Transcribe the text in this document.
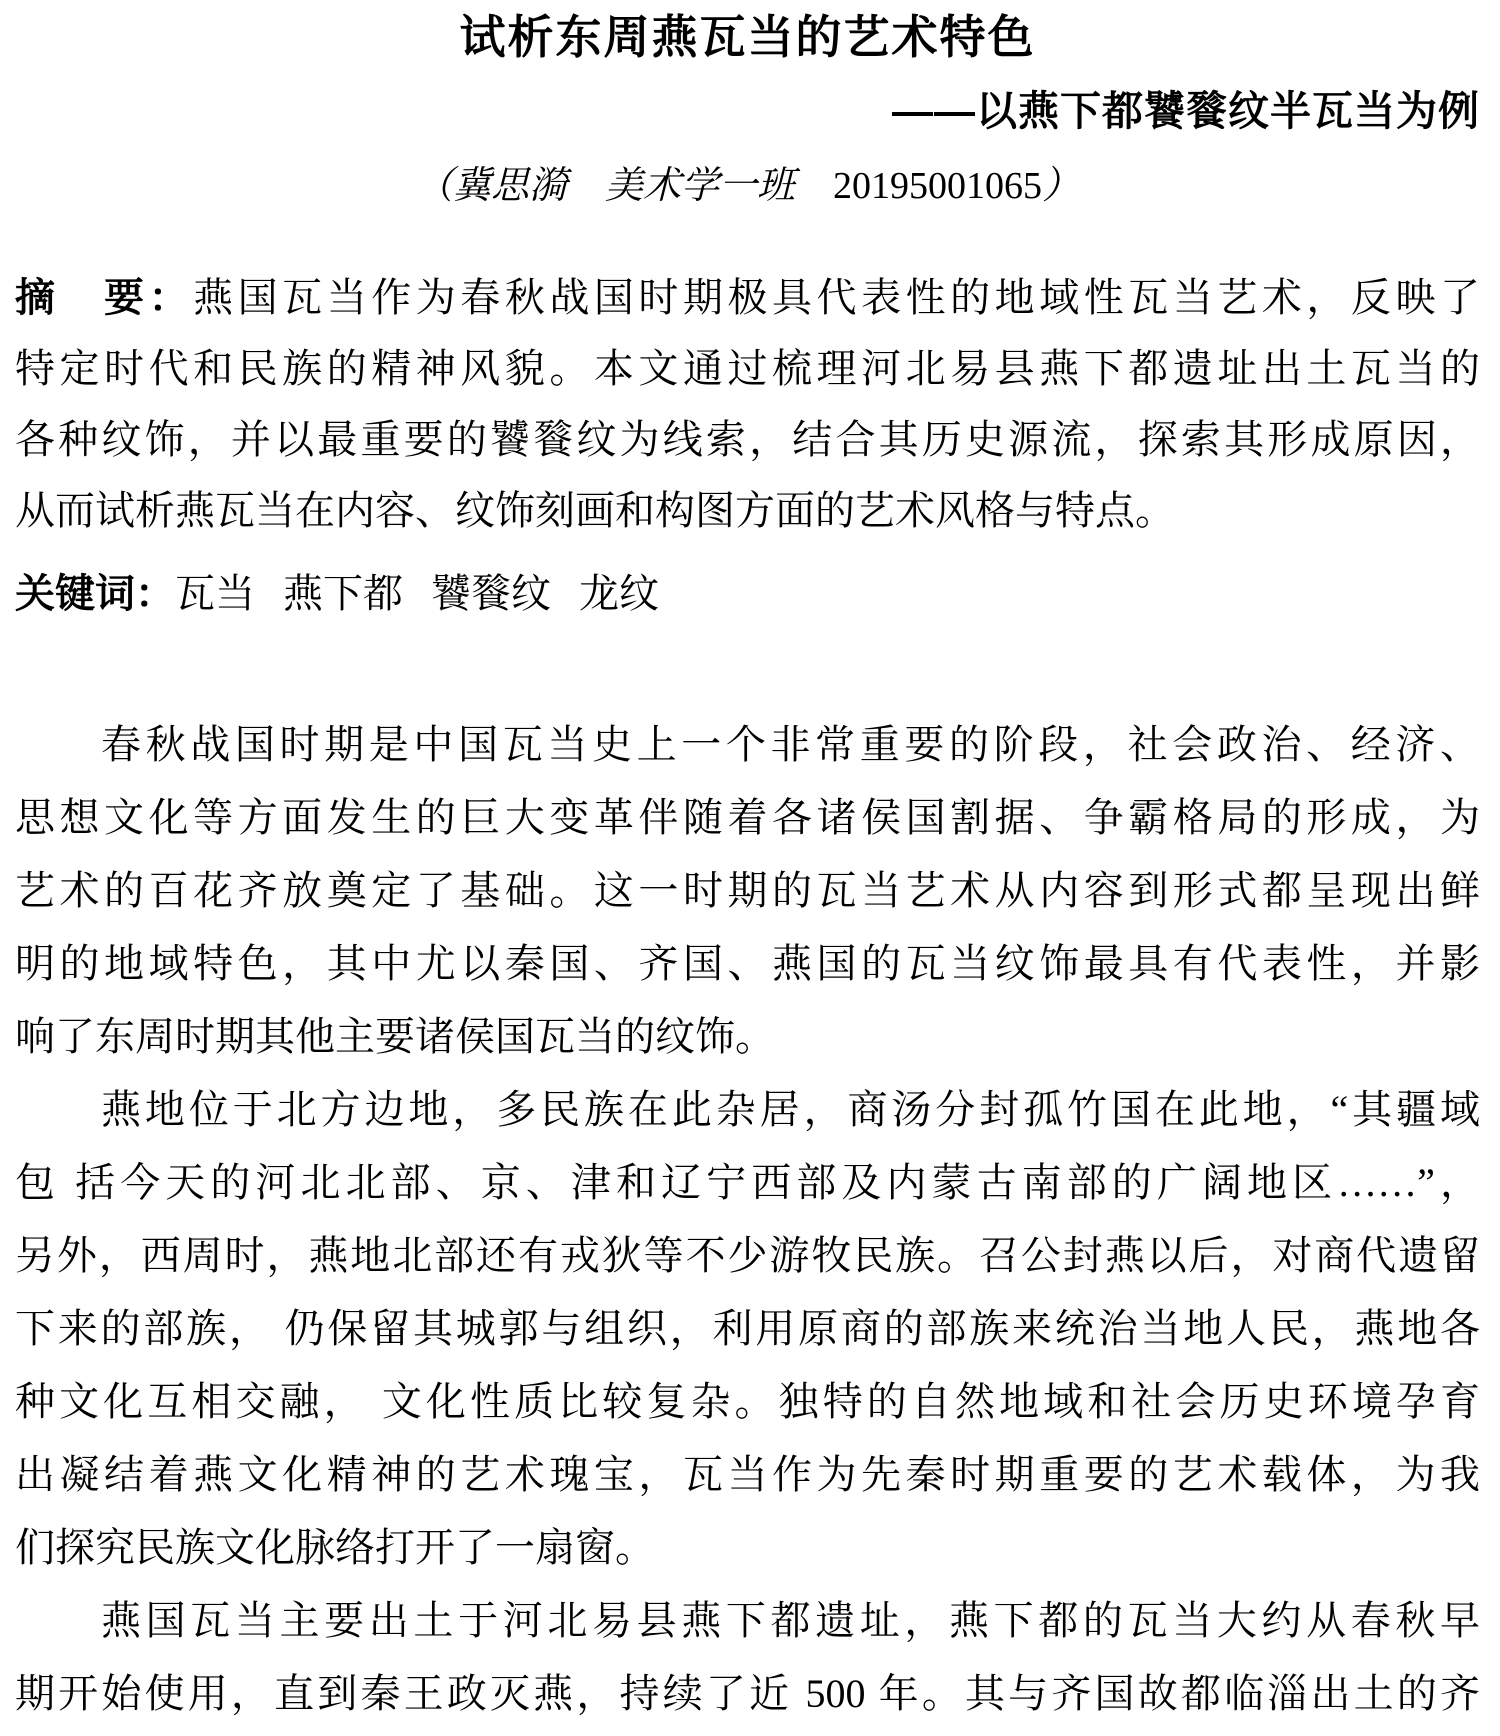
试析东周燕瓦当的艺术特色
——以燕下都饕餮纹半瓦当为例
（冀思漪　美术学一班　20195001065）
摘　要：燕国瓦当作为春秋战国时期极具代表性的地域性瓦当艺术，反映了
特定时代和民族的精神风貌。本文通过梳理河北易县燕下都遗址出土瓦当的
各种纹饰，并以最重要的饕餮纹为线索，结合其历史源流，探索其形成原因，
从而试析燕瓦当在内容、纹饰刻画和构图方面的艺术风格与特点。
关键词：瓦当 燕下都 饕餮纹 龙纹
春秋战国时期是中国瓦当史上一个非常重要的阶段，社会政治、经济、
思想文化等方面发生的巨大变革伴随着各诸侯国割据、争霸格局的形成，为
艺术的百花齐放奠定了基础。这一时期的瓦当艺术从内容到形式都呈现出鲜
明的地域特色，其中尤以秦国、齐国、燕国的瓦当纹饰最具有代表性，并影
响了东周时期其他主要诸侯国瓦当的纹饰。
燕地位于北方边地，多民族在此杂居，商汤分封孤竹国在此地，“其疆域
包 括今天的河北北部、京、津和辽宁西部及内蒙古南部的广阔地区……”，
另外，西周时，燕地北部还有戎狄等不少游牧民族。召公封燕以后，对商代遗留
下来的部族， 仍保留其城郭与组织，利用原商的部族来统治当地人民，燕地各
种文化互相交融， 文化性质比较复杂。独特的自然地域和社会历史环境孕育
出凝结着燕文化精神的艺术瑰宝，瓦当作为先秦时期重要的艺术载体，为我
们探究民族文化脉络打开了一扇窗。
燕国瓦当主要出土于河北易县燕下都遗址，燕下都的瓦当大约从春秋早
期开始使用，直到秦王政灭燕，持续了近 500 年。其与齐国故都临淄出土的齐
